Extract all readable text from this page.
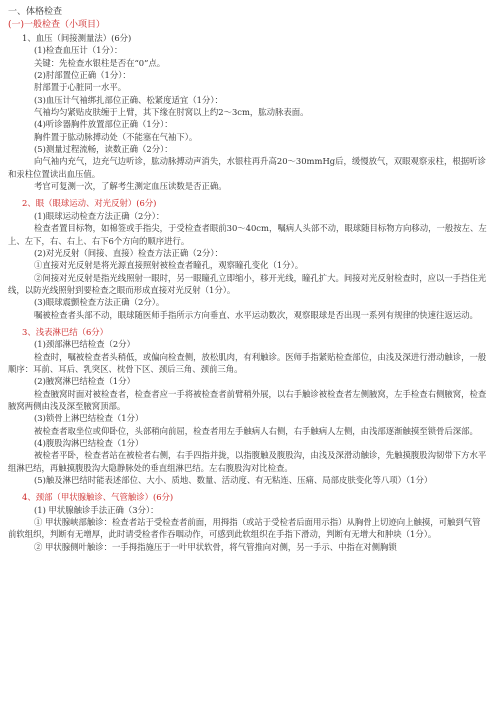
一、体格检查
(一)一般检查（小项目）
1、血压（间接测量法）(6分)
(1)检查血压计（1分）：
关键：先检查水银柱是否在“0”点。
(2)肘部置位正确（1分）：
肘部置于心脏同一水平。
(3)血压计气袖绑扎部位正确、松紧度适宜（1分）：
气袖均匀紧贴皮肤缠于上臂，其下缘在肘窝以上约2～3cm，肱动脉表面。
(4)听诊器胸件放置部位正确（1分）：
胸件置于肱动脉搏动处（不能塞在气袖下）。
(5)测量过程流畅，读数正确（2分）：
向气袖内充气，边充气边听诊，肱动脉搏动声消失，水银柱再升高20～30mmHg后，缓慢放气，双眼观察汞柱，根据听诊和汞柱位置读出血压值。
考官可复测一次，了解考生测定血压读数是否正确。
2、眼（眼球运动、对光反射）(6分)
(1)眼球运动检查方法正确（2分）：
检查者置目标物，如棉签或手指尖，于受检查者眼前30～40cm，嘱病人头部不动，眼球随目标物方向移动，一般按左、左上、左下，右、右上、右下6个方向的顺序进行。
(2)对光反射（间接、直接）检查方法正确（2分）：
①直接对光反射是将光源直接照射被检查者瞳孔，观察瞳孔变化（1分）。
②间接对光反射是指光线照射一眼时，另一眼瞳孔立即缩小，移开光线，瞳孔扩大。间接对光反射检查时，应以一手挡住光线，以防光线照射到要检查之眼而形成直接对光反射（1分）。
(3)眼球震颤检查方法正确（2分）。
嘱被检查者头部不动，眼球随医师手指所示方向垂直、水平运动数次，观察眼球是否出现一系列有规律的快速往返运动。
3、浅表淋巴结（6分）
(1)颈部淋巴结检查（2分）
检查时，嘱被检查者头稍低，或偏向检查侧，放松肌肉，有利触诊。医师手指紧贴检查部位，由浅及深进行滑动触诊，一般顺序：耳前、耳后、乳突区、枕骨下区、颈后三角、颈前三角。
(2)腋窝淋巴结检查（1分）
检查腋窝时面对被检查者，检查者应一手将被检查者前臂稍外展，以右手触诊被检查者左侧腋窝，左手检查右侧腋窝，检查腋窝两侧由浅及深至腋窝顶部。
(3)锁骨上淋巴结检查（1分）
被检查者取坐位或仰卧位，头部稍向前屈，检查者用左手触病人右侧，右手触病人左侧，由浅部逐渐触摸至锁骨后深部。
(4)腹股沟淋巴结检查（1分）
被检者平卧，检查者站在被检者右侧，右手四指并拢，以指腹触及腹股沟，由浅及深滑动触诊，先触摸腹股沟韧带下方水平组淋巴结，再触摸腹股沟大隐静脉处的垂直组淋巴结。左右腹股沟对比检查。
(5)触及淋巴结时能表述部位、大小、质地、数量、活动度、有无粘连、压痛、局部皮肤变化等八项）（1分）
4、颈部（甲状腺触诊、气管触诊）(6分)
(1) 甲状腺触诊手法正确（3分）：
① 甲状腺峡部触诊：检查者站于受检查者前面，用拇指（或站于受检者后面用示指）从胸骨上切迹向上触摸，可触到气管前软组织，判断有无增厚，此时请受检者作吞咽动作，可感到此软组织在手指下滑动，判断有无增大和肿块（1分）。
② 甲状腺侧叶触诊：一手拇指施压于一叶甲状软骨，将气管推向对侧，另一手示、中指在对侧胸锁
